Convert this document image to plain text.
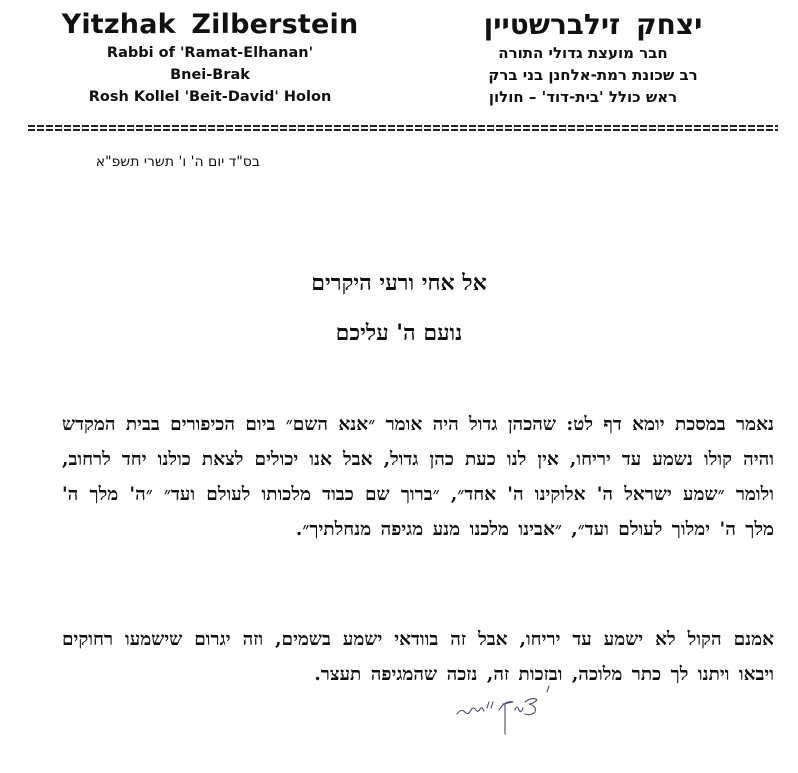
Yitzhak Zilberstein
Rabbi of 'Ramat-Elhanan'
Bnei-Brak
Rosh Kollel 'Beit-David' Holon
יצחק זילברשטיין
חבר מועצת גדולי התורה
רב שכונת רמת-אלחנן בני ברק
ראש כולל 'בית-דוד' – חולון
בס"ד יום ה' ו' תשרי תשפ"א
אל אחי ורעי היקרים
נועם ה' עליכם
נאמר במסכת יומא דף לט: שהכהן גדול היה אומר ״אנא השם״ ביום הכיפורים בבית המקדש והיה קולו נשמע עד יריחו, אין לנו כעת כהן גדול, אבל אנו יכולים לצאת כולנו יחד לרחוב, ולומר ״שמע ישראל ה' אלוקינו ה' אחד״, ״ברוך שם כבוד מלכותו לעולם ועד״ ״ה' מלך ה' מלך ה' ימלוך לעולם ועד״, ״אבינו מלכנו מנע מגיפה מנחלתיך״.
אמנם הקול לא ישמע עד יריחו, אבל זה בוודאי ישמע בשמים, וזה יגרום שישמעו רחוקים ויבאו ויתנו לך כתר מלוכה, ובזכות זה, נזכה שהמגיפה תעצר.
